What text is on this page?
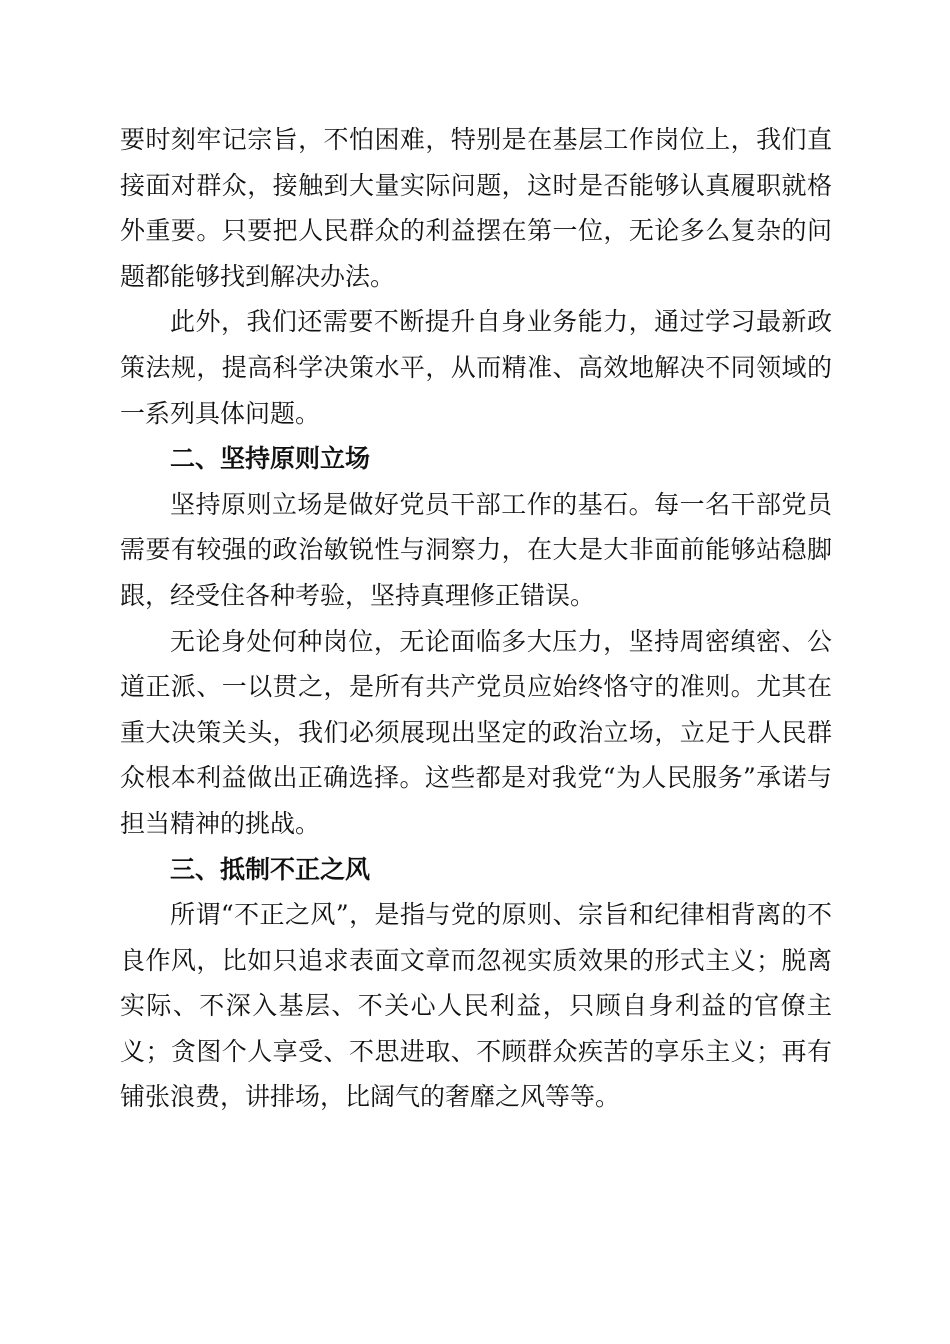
要时刻牢记宗旨，不怕困难，特别是在基层工作岗位上，我们直接面对群众，接触到大量实际问题，这时是否能够认真履职就格外重要。只要把人民群众的利益摆在第一位，无论多么复杂的问题都能够找到解决办法。

此外，我们还需要不断提升自身业务能力，通过学习最新政策法规，提高科学决策水平，从而精准、高效地解决不同领域的一系列具体问题。

二、坚持原则立场

坚持原则立场是做好党员干部工作的基石。每一名干部党员需要有较强的政治敏锐性与洞察力，在大是大非面前能够站稳脚跟，经受住各种考验，坚持真理修正错误。

无论身处何种岗位，无论面临多大压力，坚持周密缜密、公道正派、一以贯之，是所有共产党员应始终恪守的准则。尤其在重大决策关头，我们必须展现出坚定的政治立场，立足于人民群众根本利益做出正确选择。这些都是对我党“为人民服务”承诺与担当精神的挑战。

三、抵制不正之风

所谓“不正之风”，是指与党的原则、宗旨和纪律相背离的不良作风，比如只追求表面文章而忽视实质效果的形式主义；脱离实际、不深入基层、不关心人民利益，只顾自身利益的官僚主义；贪图个人享受、不思进取、不顾群众疾苦的享乐主义；再有铺张浪费，讲排场，比阔气的奢靡之风等等。
